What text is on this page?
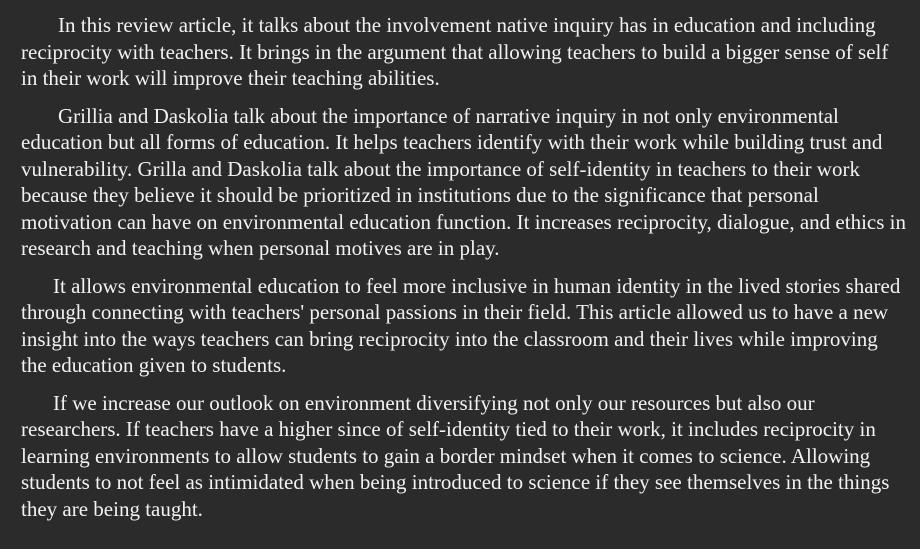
In this review article, it talks about the involvement native inquiry has in education and including reciprocity with teachers. It brings in the argument that allowing teachers to build a bigger sense of self in their work will improve their teaching abilities.

Grillia and Daskolia talk about the importance of narrative inquiry in not only environmental education but all forms of education. It helps teachers identify with their work while building trust and vulnerability. Grilla and Daskolia talk about the importance of self-identity in teachers to their work because they believe it should be prioritized in institutions due to the significance that personal motivation can have on environmental education function. It increases reciprocity, dialogue, and ethics in research and teaching when personal motives are in play.

It allows environmental education to feel more inclusive in human identity in the lived stories shared through connecting with teachers' personal passions in their field. This article allowed us to have a new insight into the ways teachers can bring reciprocity into the classroom and their lives while improving the education given to students.

If we increase our outlook on environment diversifying not only our resources but also our researchers. If teachers have a higher since of self-identity tied to their work, it includes reciprocity in learning environments to allow students to gain a border mindset when it comes to science. Allowing students to not feel as intimidated when being introduced to science if they see themselves in the things they are being taught.
